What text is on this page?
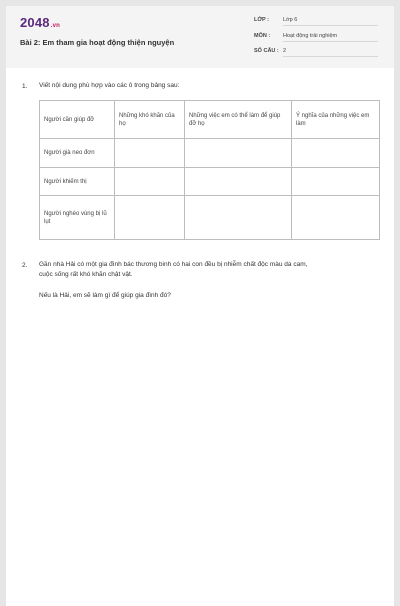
2048.vn
Bài 2: Em tham gia hoạt động thiện nguyện
LỚP :	Lớp 6
MÔN : Hoạt động trải nghiệm
SỐ CÂU : 2
1. Viết nội dung phù hợp vào các ô trong bảng sau:
Người cần giúp đỡ	Những khó khăn của họ	Những việc em có thể làm để giúp đỡ họ	Ý nghĩa của những việc em làm
Người già neo đơn			
Người khiếm thị			
Người nghèo vùng bị lũ lụt			
2. Gần nhà Hải có một gia đình bác thương binh có hai con đều bị nhiễm chất độc màu da cam,
cuộc sống rất khó khăn chật vật.
Nếu là Hải, em sẽ làm gì để giúp gia đình đó?
